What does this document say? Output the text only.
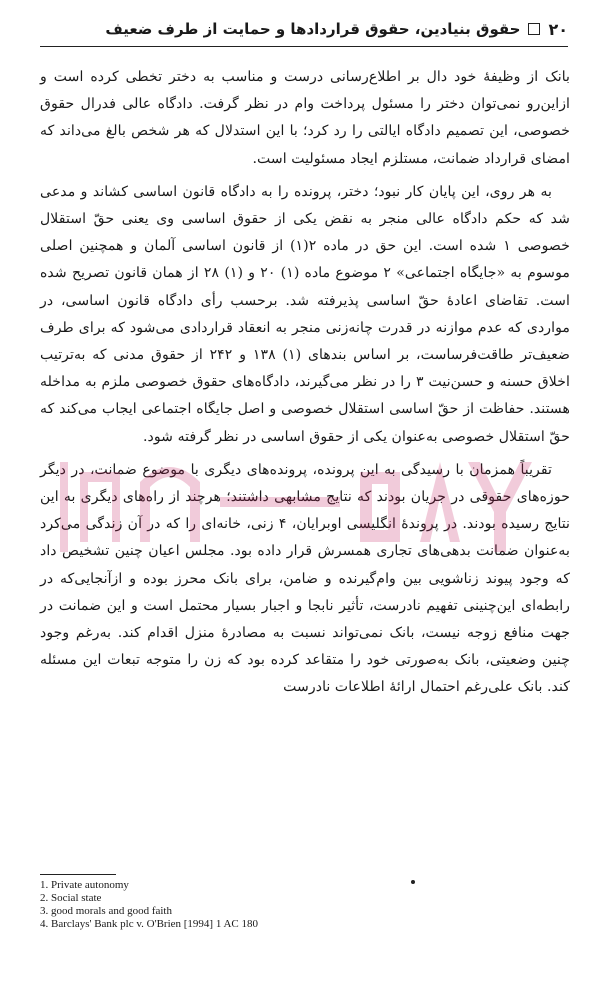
۲۰
حقوق بنیادین، حقوق قراردادها و حمایت از طرف ضعیف

بانک از وظیفهٔ خود دال بر اطلاع‌رسانی درست و مناسب به دختر تخطی کرده است و ازاین‌رو نمی‌توان دختر را مسئول پرداخت وام در نظر گرفت. دادگاه عالی فدرال حقوق خصوصی، این تصمیم دادگاه ایالتی را رد کرد؛ با این استدلال که هر شخص بالغ می‌داند که امضای قرارداد ضمانت، مستلزم ایجاد مسئولیت است.

به هر روی، این پایان کار نبود؛ دختر، پرونده را به دادگاه قانون اساسی کشاند و مدعی شد که حکم دادگاه عالی منجر به نقض یکی از حقوق اساسی وی یعنی حقّ استقلال خصوصی ۱ شده است. این حق در ماده ۲(۱) از قانون اساسی آلمان و همچنین اصلی موسوم به «جایگاه اجتماعی» ۲ موضوع ماده (۱) ۲۰ و (۱) ۲۸ از همان قانون تصریح شده است. تقاضای اعادهٔ حقّ اساسی پذیرفته شد. برحسب رأی دادگاه قانون اساسی، در مواردی که عدم موازنه در قدرت چانه‌زنی منجر به انعقاد قراردادی می‌شود که برای طرف ضعیف‌تر طاقت‌فرساست، بر اساس بندهای (۱) ۱۳۸ و ۲۴۲ از حقوق مدنی که به‌ترتیب اخلاق حسنه و حسن‌نیت ۳ را در نظر می‌گیرند، دادگاه‌های حقوق خصوصی ملزم به مداخله هستند. حفاظت از حقّ اساسی استقلال خصوصی و اصل جایگاه اجتماعی ایجاب می‌کند که حقّ استقلال خصوصی به‌عنوان یکی از حقوق اساسی در نظر گرفته شود.

تقریباً همزمان با رسیدگی به این پرونده، پرونده‌های دیگری با موضوع ضمانت، در دیگر حوزه‌های حقوقی در جریان بودند که نتایج مشابهی داشتند؛ هرچند از راه‌های دیگری به این نتایج رسیده بودند. در پروندهٔ انگلیسی اوبرایان، ۴ زنی، خانه‌ای را که در آن زندگی می‌کرد به‌عنوان ضمانت بدهی‌های تجاری همسرش قرار داده بود. مجلس اعیان چنین تشخیص داد که وجود پیوند زناشویی بین وام‌گیرنده و ضامن، برای بانک محرز بوده و ازآنجایی‌که در رابطه‌ای این‌چنینی تفهیم نادرست، تأثیر نابجا و اجبار بسیار محتمل است و این ضمانت در جهت منافع زوجه نیست، بانک نمی‌تواند نسبت به مصادرهٔ منزل اقدام کند. به‌رغم وجود چنین وضعیتی، بانک به‌صورتی خود را متقاعد کرده بود که زن را متوجه تبعات این مسئله کند. بانک علی‌رغم احتمال ارائهٔ اطلاعات نادرست

1. Private autonomy
2. Social state
3. good morals and good faith
4. Barclays' Bank plc v. O'Brien [1994] 1 AC 180
